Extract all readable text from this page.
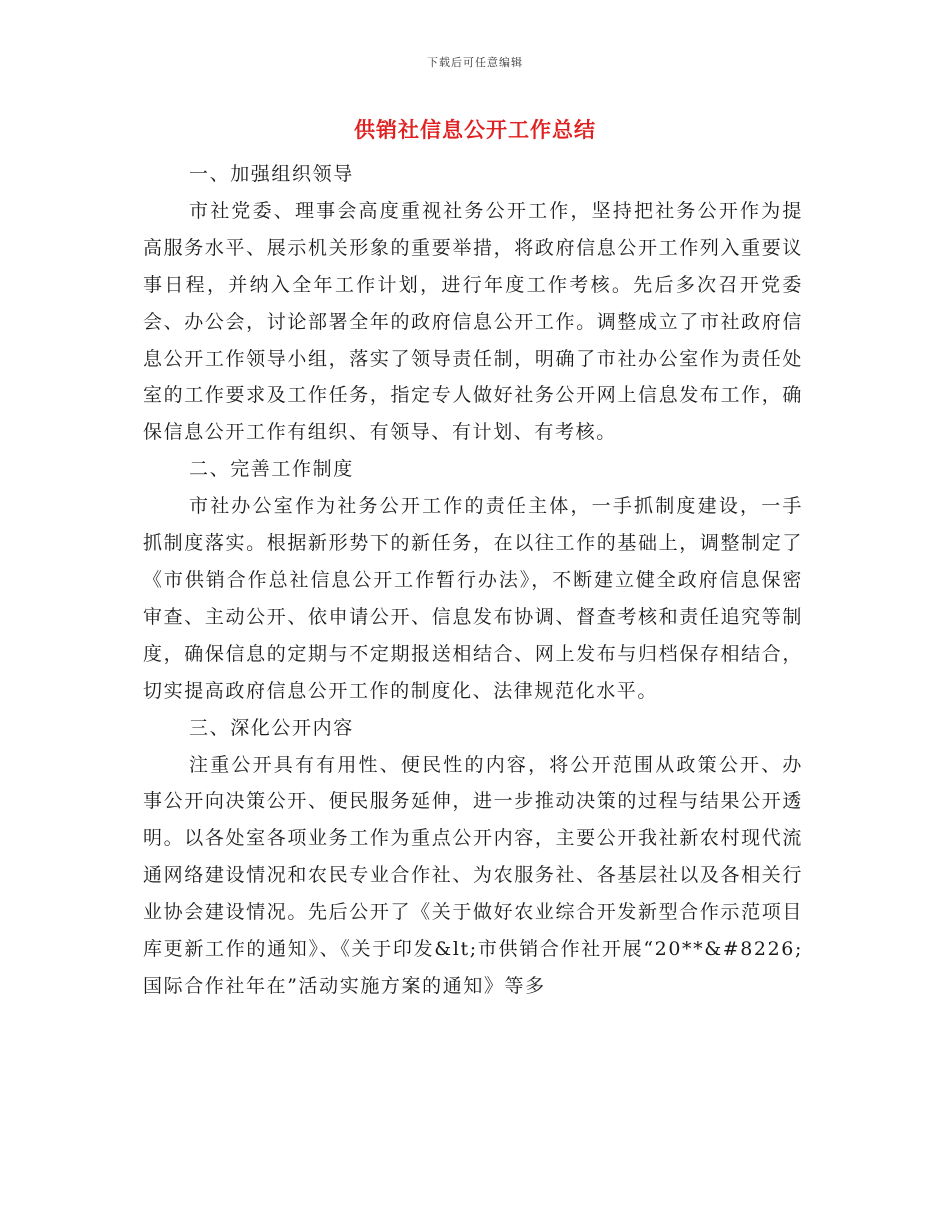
下载后可任意编辑
供销社信息公开工作总结

一、加强组织领导

市社党委、理事会高度重视社务公开工作，坚持把社务公开作为提高服务水平、展示机关形象的重要举措，将政府信息公开工作列入重要议事日程，并纳入全年工作计划，进行年度工作考核。先后多次召开党委会、办公会，讨论部署全年的政府信息公开工作。调整成立了市社政府信息公开工作领导小组，落实了领导责任制，明确了市社办公室作为责任处室的工作要求及工作任务，指定专人做好社务公开网上信息发布工作，确保信息公开工作有组织、有领导、有计划、有考核。

二、完善工作制度

市社办公室作为社务公开工作的责任主体，一手抓制度建设，一手抓制度落实。根据新形势下的新任务，在以往工作的基础上，调整制定了《市供销合作总社信息公开工作暂行办法》，不断建立健全政府信息保密审查、主动公开、依申请公开、信息发布协调、督查考核和责任追究等制度，确保信息的定期与不定期报送相结合、网上发布与归档保存相结合，切实提高政府信息公开工作的制度化、法律规范化水平。

三、深化公开内容

注重公开具有有用性、便民性的内容，将公开范围从政策公开、办事公开向决策公开、便民服务延伸，进一步推动决策的过程与结果公开透明。以各处室各项业务工作为重点公开内容，主要公开我社新农村现代流通网络建设情况和农民专业合作社、为农服务社、各基层社以及各相关行业协会建设情况。先后公开了《关于做好农业综合开发新型合作示范项目库更新工作的通知》、《关于印发&lt;市供销合作社开展“20**&#8226;国际合作社年在”活动实施方案的通知》等多
